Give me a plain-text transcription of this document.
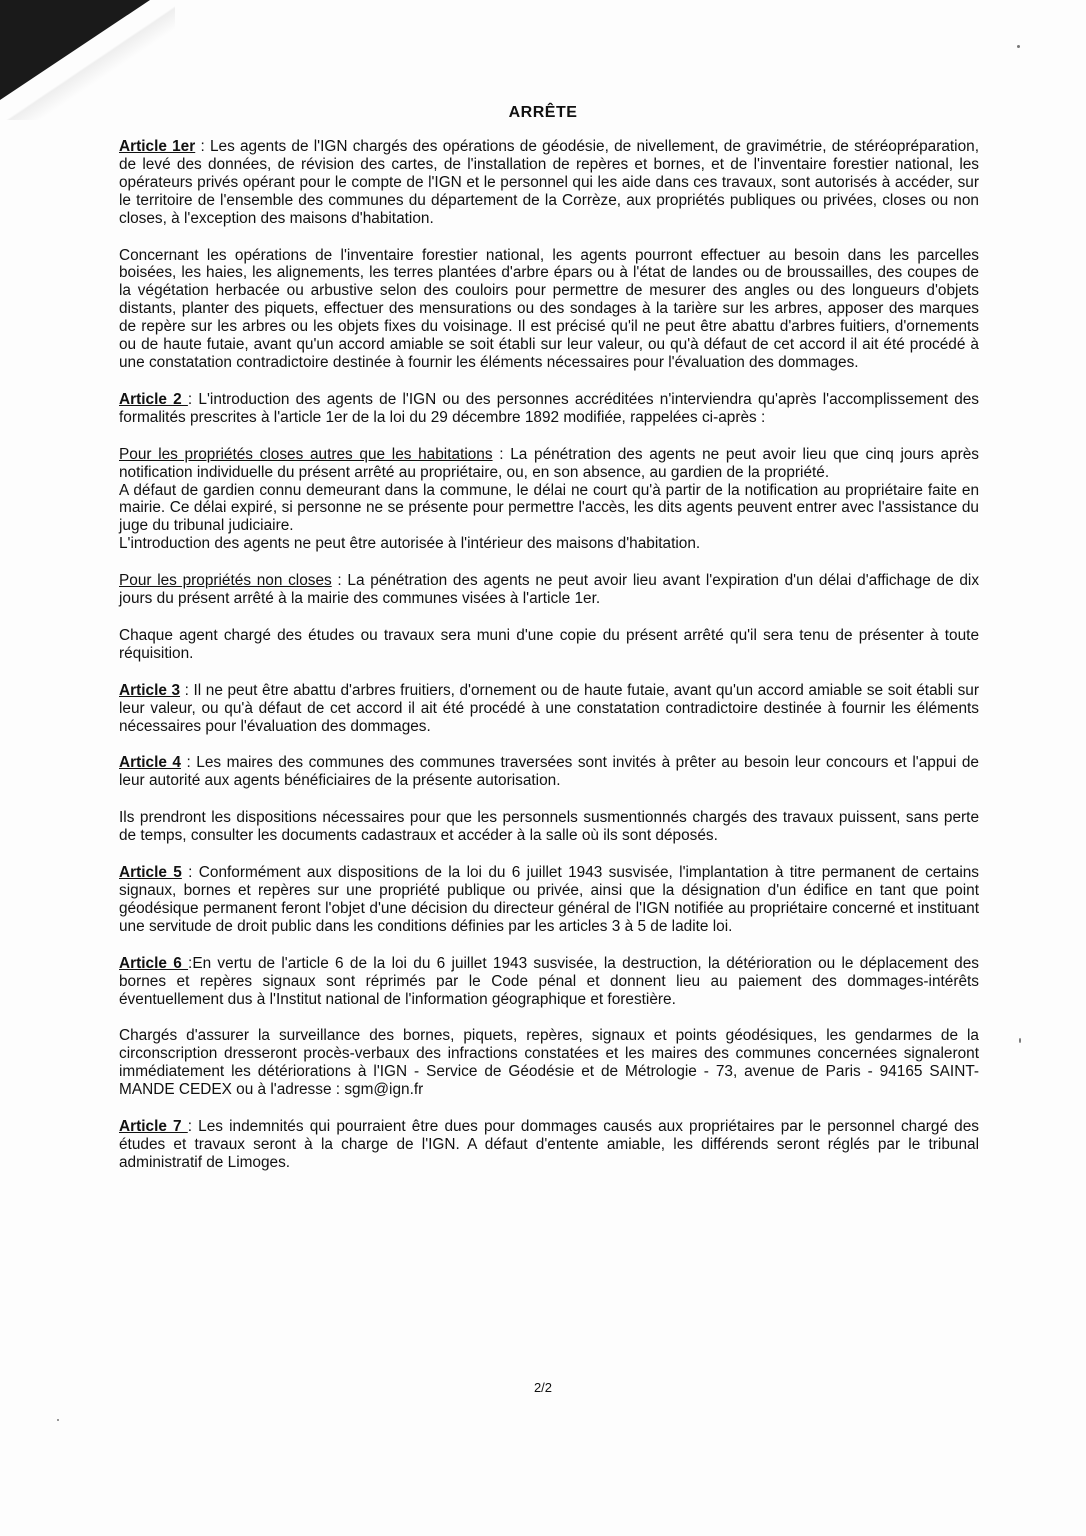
ARRÊTE

Article 1er : Les agents de l'IGN chargés des opérations de géodésie, de nivellement, de gravimétrie, de stéréopréparation, de levé des données, de révision des cartes, de l'installation de repères et bornes, et de l'inventaire forestier national, les opérateurs privés opérant pour le compte de l'IGN et le personnel qui les aide dans ces travaux, sont autorisés à accéder, sur le territoire de l'ensemble des communes du département de la Corrèze, aux propriétés publiques ou privées, closes ou non closes, à l'exception des maisons d'habitation.

Concernant les opérations de l'inventaire forestier national, les agents pourront effectuer au besoin dans les parcelles boisées, les haies, les alignements, les terres plantées d'arbre épars ou à l'état de landes ou de broussailles, des coupes de la végétation herbacée ou arbustive selon des couloirs pour permettre de mesurer des angles ou des longueurs d'objets distants, planter des piquets, effectuer des mensurations ou des sondages à la tarière sur les arbres, apposer des marques de repère sur les arbres ou les objets fixes du voisinage. Il est précisé qu'il ne peut être abattu d'arbres fuitiers, d'ornements ou de haute futaie, avant qu'un accord amiable se soit établi sur leur valeur, ou qu'à défaut de cet accord il ait été procédé à une constatation contradictoire destinée à fournir les éléments nécessaires pour l'évaluation des dommages.

Article 2 : L'introduction des agents de l'IGN ou des personnes accréditées n'interviendra qu'après l'accomplissement des formalités prescrites à l'article 1er de la loi du 29 décembre 1892 modifiée, rappelées ci-après :

Pour les propriétés closes autres que les habitations : La pénétration des agents ne peut avoir lieu que cinq jours après notification individuelle du présent arrêté au propriétaire, ou, en son absence, au gardien de la propriété.
A défaut de gardien connu demeurant dans la commune, le délai ne court qu'à partir de la notification au propriétaire faite en mairie. Ce délai expiré, si personne ne se présente pour permettre l'accès, les dits agents peuvent entrer avec l'assistance du juge du tribunal judiciaire.
L'introduction des agents ne peut être autorisée à l'intérieur des maisons d'habitation.

Pour les propriétés non closes : La pénétration des agents ne peut avoir lieu avant l'expiration d'un délai d'affichage de dix jours du présent arrêté à la mairie des communes visées à l'article 1er.

Chaque agent chargé des études ou travaux sera muni d'une copie du présent arrêté qu'il sera tenu de présenter à toute réquisition.

Article 3 : Il ne peut être abattu d'arbres fruitiers, d'ornement ou de haute futaie, avant qu'un accord amiable se soit établi sur leur valeur, ou qu'à défaut de cet accord il ait été procédé à une constatation contradictoire destinée à fournir les éléments nécessaires pour l'évaluation des dommages.

Article 4 : Les maires des communes des communes traversées sont invités à prêter au besoin leur concours et l'appui de leur autorité aux agents bénéficiaires de la présente autorisation.

Ils prendront les dispositions nécessaires pour que les personnels susmentionnés chargés des travaux puissent, sans perte de temps, consulter les documents cadastraux et accéder à la salle où ils sont déposés.

Article 5 : Conformément aux dispositions de la loi du 6 juillet 1943 susvisée, l'implantation à titre permanent de certains signaux, bornes et repères sur une propriété publique ou privée, ainsi que la désignation d'un édifice en tant que point géodésique permanent feront l'objet d'une décision du directeur général de l'IGN notifiée au propriétaire concerné et instituant une servitude de droit public dans les conditions définies par les articles 3 à 5 de ladite loi.

Article 6 :En vertu de l'article 6 de la loi du 6 juillet 1943 susvisée, la destruction, la détérioration ou le déplacement des bornes et repères signaux sont réprimés par le Code pénal et donnent lieu au paiement des dommages-intérêts éventuellement dus à l'Institut national de l'information géographique et forestière.

Chargés d'assurer la surveillance des bornes, piquets, repères, signaux et points géodésiques, les gendarmes de la circonscription dresseront procès-verbaux des infractions constatées et les maires des communes concernées signaleront immédiatement les détériorations à l'IGN - Service de Géodésie et de Métrologie - 73, avenue de Paris - 94165 SAINT-MANDE CEDEX ou à l'adresse : sgm@ign.fr

Article 7 : Les indemnités qui pourraient être dues pour dommages causés aux propriétaires par le personnel chargé des études et travaux seront à la charge de l'IGN. A défaut d'entente amiable, les différends seront réglés par le tribunal administratif de Limoges.

2/2
